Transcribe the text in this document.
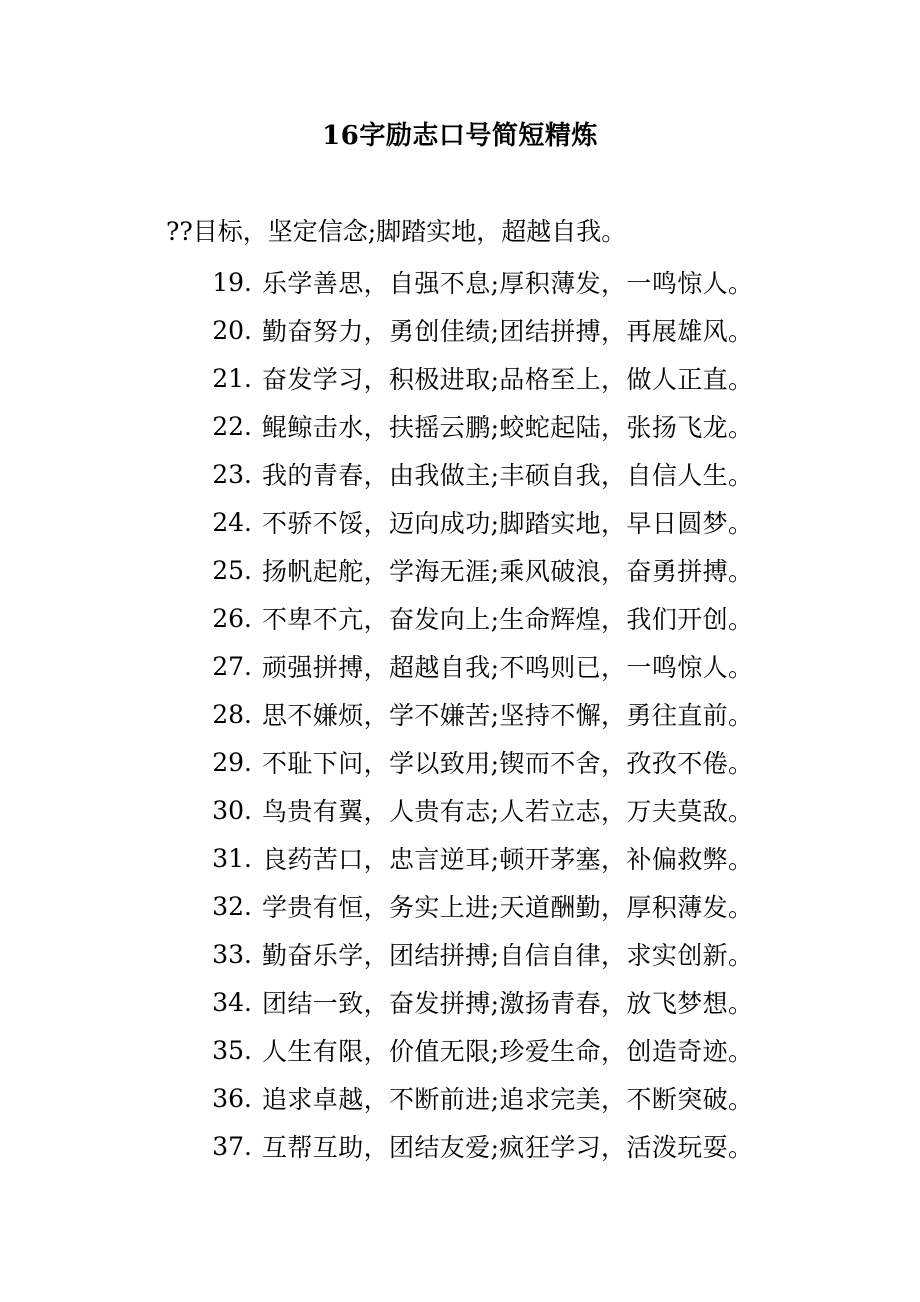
16字励志口号简短精炼
??目标，坚定信念;脚踏实地，超越自我。
19. 乐学善思，自强不息;厚积薄发，一鸣惊人。
20. 勤奋努力，勇创佳绩;团结拼搏，再展雄风。
21. 奋发学习，积极进取;品格至上，做人正直。
22. 鲲鲸击水，扶摇云鹏;蛟蛇起陆，张扬飞龙。
23. 我的青春，由我做主;丰硕自我，自信人生。
24. 不骄不馁，迈向成功;脚踏实地，早日圆梦。
25. 扬帆起舵，学海无涯;乘风破浪，奋勇拼搏。
26. 不卑不亢，奋发向上;生命辉煌，我们开创。
27. 顽强拼搏，超越自我;不鸣则已，一鸣惊人。
28. 思不嫌烦，学不嫌苦;坚持不懈，勇往直前。
29. 不耻下问，学以致用;锲而不舍，孜孜不倦。
30. 鸟贵有翼，人贵有志;人若立志，万夫莫敌。
31. 良药苦口，忠言逆耳;顿开茅塞，补偏救弊。
32. 学贵有恒，务实上进;天道酬勤，厚积薄发。
33. 勤奋乐学，团结拼搏;自信自律，求实创新。
34. 团结一致，奋发拼搏;激扬青春，放飞梦想。
35. 人生有限，价值无限;珍爱生命，创造奇迹。
36. 追求卓越，不断前进;追求完美，不断突破。
37. 互帮互助，团结友爱;疯狂学习，活泼玩耍。
